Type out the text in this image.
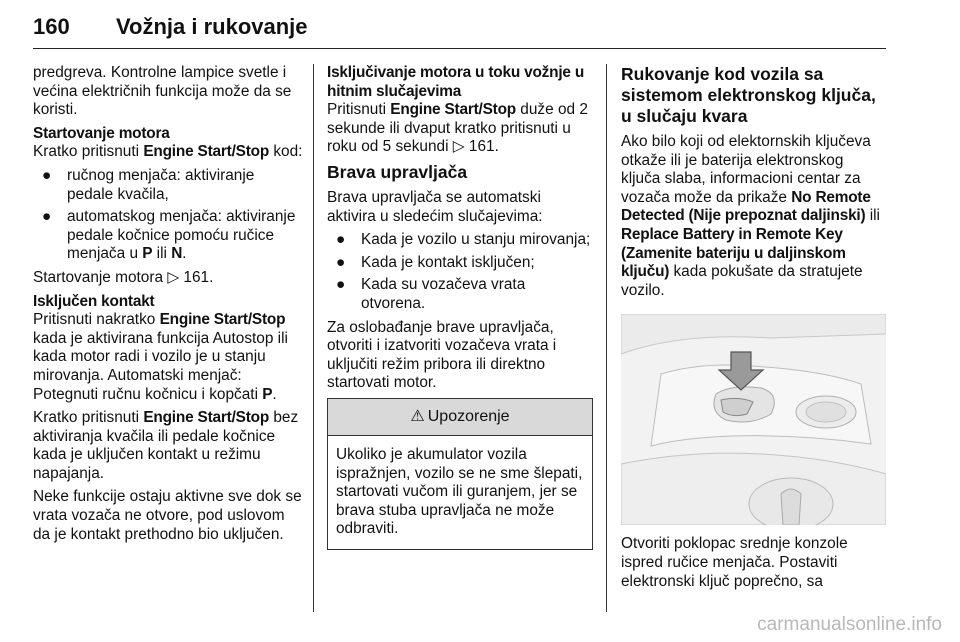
160 Vožnja i rukovanje

predgreva. Kontrolne lampice svetle i većina električnih funkcija može da se koristi.

Startovanje motora
Kratko pritisnuti Engine Start/Stop kod:

● ručnog menjača: aktiviranje pedale kvačila,
● automatskog menjača: aktiviranje pedale kočnice pomoću ručice menjača u P ili N.

Startovanje motora ▷ 161.

Isključen kontakt
Pritisnuti nakratko Engine Start/Stop kada je aktivirana funkcija Autostop ili kada motor radi i vozilo je u stanju mirovanja. Automatski menjač: Potegnuti ručnu kočnicu i kopčati P.

Kratko pritisnuti Engine Start/Stop bez aktiviranja kvačila ili pedale kočnice kada je uključen kontakt u režimu napajanja.

Neke funkcije ostaju aktivne sve dok se vrata vozača ne otvore, pod uslovom da je kontakt prethodno bio uključen.

Isključivanje motora u toku vožnje u hitnim slučajevima
Pritisnuti Engine Start/Stop duže od 2 sekunde ili dvaput kratko pritisnuti u roku od 5 sekundi ▷ 161.

Brava upravljača

Brava upravljača se automatski aktivira u sledećim slučajevima:

● Kada je vozilo u stanju mirovanja;
● Kada je kontakt isključen;
● Kada su vozačeva vrata otvorena.

Za oslobađanje brave upravljača, otvoriti i izatvoriti vozačeva vrata i uključiti režim pribora ili direktno startovati motor.

⚠ Upozorenje
Ukoliko je akumulator vozila ispražnjen, vozilo se ne sme šlepati, startovati vučom ili guranjem, jer se brava stuba upravljača ne može odbraviti.
Rukovanje kod vozila sa sistemom elektronskog ključa, u slučaju kvara

Ako bilo koji od elektornskih ključeva otkaže ili je baterija elektronskog ključa slaba, informacioni centar za vozača može da prikaže No Remote Detected (Nije prepoznat daljinski) ili Replace Battery in Remote Key (Zamenite bateriju u daljinskom ključu) kada pokušate da stratujete vozilo.

Otvoriti poklopac srednje konzole ispred ručice menjača. Postaviti elektronski ključ poprečno, sa

carmanualsonline.info
